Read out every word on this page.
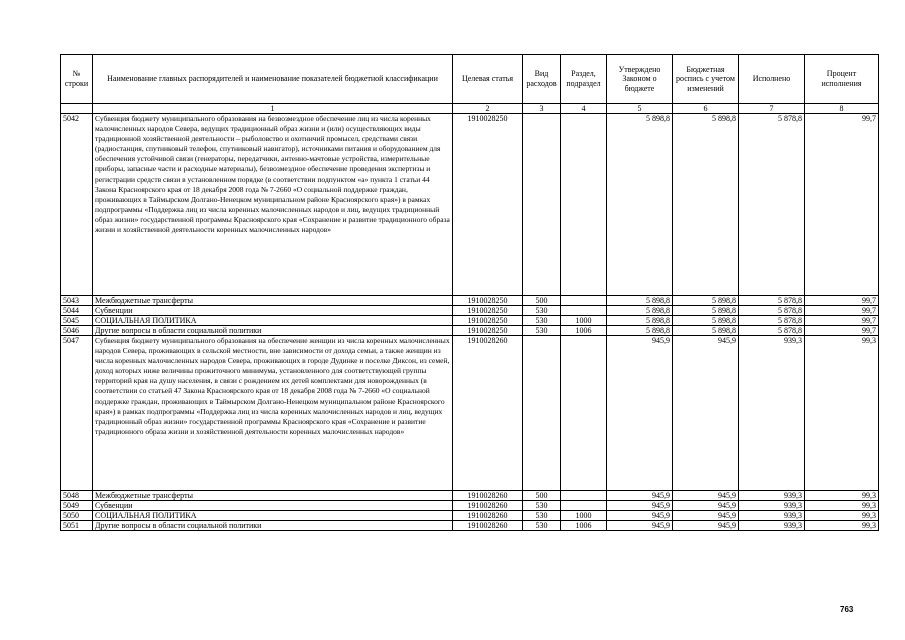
№ строки	Наименование главных распорядителей и наименование показателей бюджетной классификации	Целевая статья	Вид расходов	Раздел, подраздел	Утверждено Законом о бюджете	Бюджетная роспись с учетом изменений	Исполнено	Процент исполнения
	1	2	3	4	5	6	7	8
5042	Субвенция бюджету муниципального образования на безвозмездное обеспечение лиц из числа коренных малочисленных народов Севера, ведущих традиционный образ жизни и (или) осуществляющих виды традиционной хозяйственной деятельности – рыболовство и охотничий промысел, средствами связи (радиостанция, спутниковый телефон, спутниковый навигатор), источниками питания и оборудованием для обеспечения устойчивой связи (генераторы, передатчики, антенно-мачтовые устройства, измерительные приборы, запасные части и расходные материалы), безвозмездное обеспечение проведения экспертизы и регистрации средств связи в установленном порядке (в соответствии подпунктом «а» пункта 1 статьи 44 Закона Красноярского края от 18 декабря 2008 года № 7-2660 «О социальной поддержке граждан, проживающих в Таймырском Долгано-Ненецком муниципальном районе Красноярского края») в рамках подпрограммы «Поддержка лиц из числа коренных малочисленных народов и лиц, ведущих традиционный образ жизни» государственной программы Красноярского края «Сохранение и развитие традиционного образа жизни и хозяйственной деятельности коренных малочисленных народов»	1910028250			5 898,8	5 898,8	5 878,8	99,7
5043	Межбюджетные трансферты	1910028250	500		5 898,8	5 898,8	5 878,8	99,7
5044	Субвенции	1910028250	530		5 898,8	5 898,8	5 878,8	99,7
5045	СОЦИАЛЬНАЯ ПОЛИТИКА	1910028250	530	1000	5 898,8	5 898,8	5 878,8	99,7
5046	Другие вопросы в области социальной политики	1910028250	530	1006	5 898,8	5 898,8	5 878,8	99,7
5047	Субвенция бюджету муниципального образования на обеспечение женщин из числа коренных малочисленных народов Севера, проживающих в сельской местности, вне зависимости от дохода семьи, а также женщин из числа коренных малочисленных народов Севера, проживающих в городе Дудинке и поселке Диксон, из семей, доход которых ниже величины прожиточного минимума, установленного для соответствующей группы территорий края на душу населения, в связи с рождением их детей комплектами для новорожденных (в соответствии со статьей 47 Закона Красноярского края от 18 декабря 2008 года № 7-2660 «О социальной поддержке граждан, проживающих в Таймырском Долгано-Ненецком муниципальном районе Красноярского края») в рамках подпрограммы «Поддержка лиц из числа коренных малочисленных народов и лиц, ведущих традиционный образ жизни» государственной программы Красноярского края «Сохранение и развитие традиционного образа жизни и хозяйственной деятельности коренных малочисленных народов»	1910028260			945,9	945,9	939,3	99,3
5048	Межбюджетные трансферты	1910028260	500		945,9	945,9	939,3	99,3
5049	Субвенции	1910028260	530		945,9	945,9	939,3	99,3
5050	СОЦИАЛЬНАЯ ПОЛИТИКА	1910028260	530	1000	945,9	945,9	939,3	99,3
5051	Другие вопросы в области социальной политики	1910028260	530	1006	945,9	945,9	939,3	99,3
763
